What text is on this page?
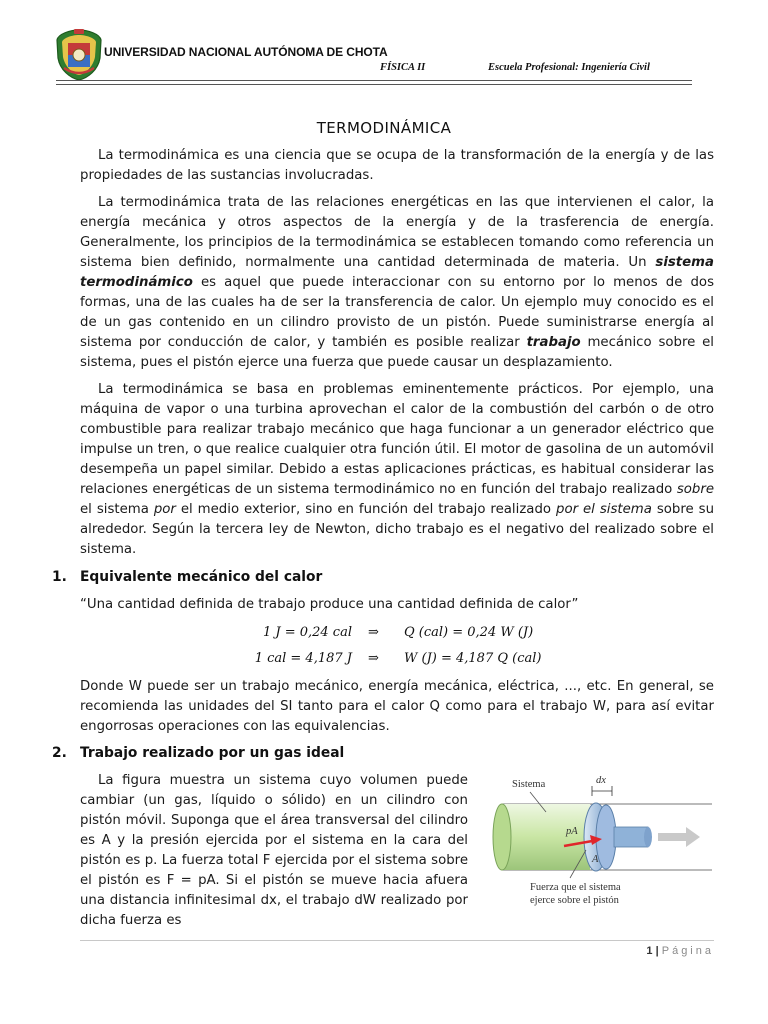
UNIVERSIDAD NACIONAL AUTÓNOMA DE CHOTA
FÍSICA II	Escuela Profesional: Ingeniería Civil
TERMODINÁMICA

La termodinámica es una ciencia que se ocupa de la transformación de la energía y de las propiedades de las sustancias involucradas.

La termodinámica trata de las relaciones energéticas en las que intervienen el calor, la energía mecánica y otros aspectos de la energía y de la trasferencia de energía. Generalmente, los principios de la termodinámica se establecen tomando como referencia un sistema bien definido, normalmente una cantidad determinada de materia. Un sistema termodinámico es aquel que puede interaccionar con su entorno por lo menos de dos formas, una de las cuales ha de ser la transferencia de calor. Un ejemplo muy conocido es el de un gas contenido en un cilindro provisto de un pistón. Puede suministrarse energía al sistema por conducción de calor, y también es posible realizar trabajo mecánico sobre el sistema, pues el pistón ejerce una fuerza que puede causar un desplazamiento.

La termodinámica se basa en problemas eminentemente prácticos. Por ejemplo, una máquina de vapor o una turbina aprovechan el calor de la combustión del carbón o de otro combustible para realizar trabajo mecánico que haga funcionar a un generador eléctrico que impulse un tren, o que realice cualquier otra función útil. El motor de gasolina de un automóvil desempeña un papel similar. Debido a estas aplicaciones prácticas, es habitual considerar las relaciones energéticas de un sistema termodinámico no en función del trabajo realizado sobre el sistema por el medio exterior, sino en función del trabajo realizado por el sistema sobre su alrededor. Según la tercera ley de Newton, dicho trabajo es el negativo del realizado sobre el sistema.

1. Equivalente mecánico del calor
“Una cantidad definida de trabajo produce una cantidad definida de calor”
1 J = 0,24 cal ⇒ Q (cal) = 0,24 W (J)
1 cal = 4,187 J ⇒ W (J) = 4,187 Q (cal)

Donde W puede ser un trabajo mecánico, energía mecánica, eléctrica, ..., etc. En general, se recomienda las unidades del SI tanto para el calor Q como para el trabajo W, para así evitar engorrosas operaciones con las equivalencias.

2. Trabajo realizado por un gas ideal

La figura muestra un sistema cuyo volumen puede cambiar (un gas, líquido o sólido) en un cilindro con pistón móvil. Suponga que el área transversal del cilindro es A y la presión ejercida por el sistema en la cara del pistón es p. La fuerza total F ejercida por el sistema sobre el pistón es F = pA. Si el pistón se mueve hacia afuera una distancia infinitesimal dx, el trabajo dW realizado por dicha fuerza es

Sistema	dx
pA
A
Fuerza que el sistema
ejerce sobre el pistón
1 | Página
